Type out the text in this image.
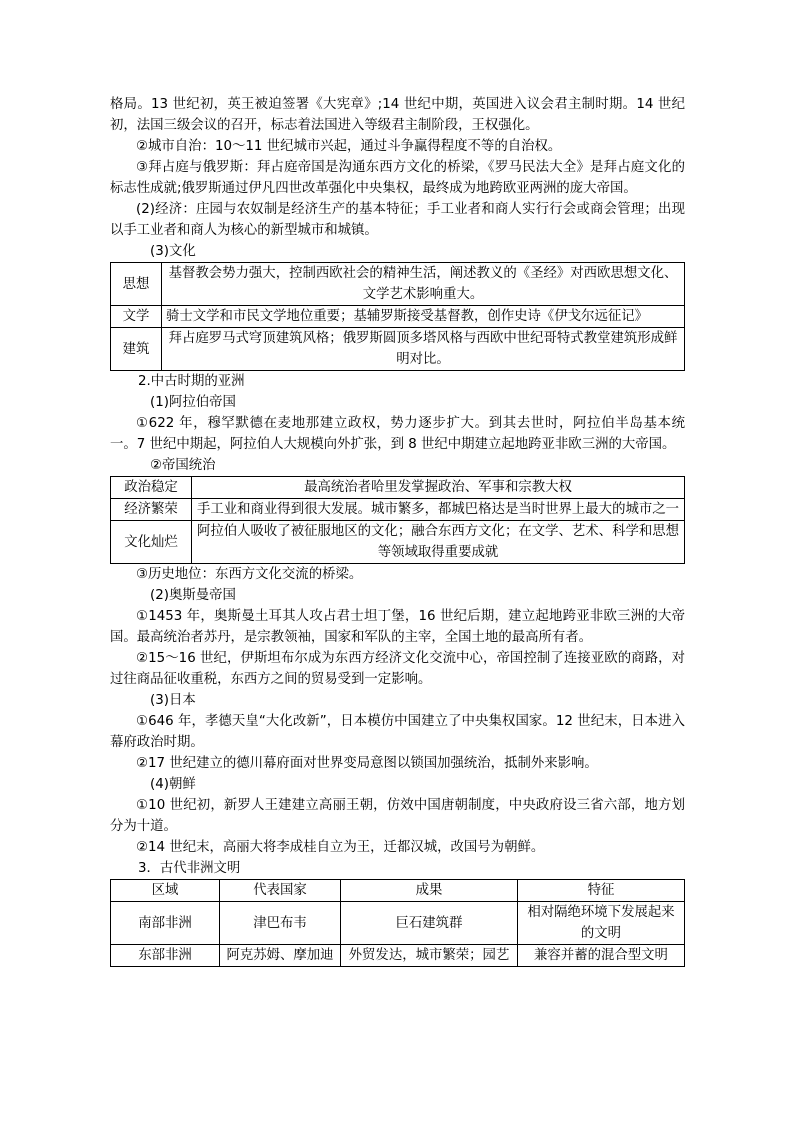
格局。13 世纪初，英王被迫签署《大宪章》;14 世纪中期，英国进入议会君主制时期。14 世纪初，法国三级会议的召开，标志着法国进入等级君主制阶段，王权强化。

②城市自治：10～11 世纪城市兴起，通过斗争赢得程度不等的自治权。

③拜占庭与俄罗斯：拜占庭帝国是沟通东西方文化的桥梁，《罗马民法大全》是拜占庭文化的标志性成就;俄罗斯通过伊凡四世改革强化中央集权，最终成为地跨欧亚两洲的庞大帝国。

(2)经济：庄园与农奴制是经济生产的基本特征；手工业者和商人实行行会或商会管理；出现以手工业者和商人为核心的新型城市和城镇。

(3)文化

思想	基督教会势力强大，控制西欧社会的精神生活，阐述教义的《圣经》对西欧思想文化、文学艺术影响重大。
文学	骑士文学和市民文学地位重要；基辅罗斯接受基督教，创作史诗《伊戈尔远征记》
建筑	拜占庭罗马式穹顶建筑风格；俄罗斯圆顶多塔风格与西欧中世纪哥特式教堂建筑形成鲜明对比。

2.中古时期的亚洲

(1)阿拉伯帝国

①622 年，穆罕默德在麦地那建立政权，势力逐步扩大。到其去世时，阿拉伯半岛基本统一。7 世纪中期起，阿拉伯人大规模向外扩张，到 8 世纪中期建立起地跨亚非欧三洲的大帝国。

②帝国统治

政治稳定	最高统治者哈里发掌握政治、军事和宗教大权
经济繁荣	手工业和商业得到很大发展。城市繁多，都城巴格达是当时世界上最大的城市之一
文化灿烂	阿拉伯人吸收了被征服地区的文化；融合东西方文化；在文学、艺术、科学和思想等领域取得重要成就

③历史地位：东西方文化交流的桥梁。

(2)奥斯曼帝国

①1453 年，奥斯曼土耳其人攻占君士坦丁堡，16 世纪后期，建立起地跨亚非欧三洲的大帝国。最高统治者苏丹，是宗教领袖，国家和军队的主宰，全国土地的最高所有者。

②15～16 世纪，伊斯坦布尔成为东西方经济文化交流中心，帝国控制了连接亚欧的商路，对过往商品征收重税，东西方之间的贸易受到一定影响。

(3)日本

①646 年，孝德天皇“大化改新”，日本模仿中国建立了中央集权国家。12 世纪末，日本进入幕府政治时期。

②17 世纪建立的德川幕府面对世界变局意图以锁国加强统治，抵制外来影响。

(4)朝鲜

①10 世纪初，新罗人王建建立高丽王朝，仿效中国唐朝制度，中央政府设三省六部，地方划分为十道。

②14 世纪末，高丽大将李成桂自立为王，迁都汉城，改国号为朝鲜。

3．古代非洲文明

区域	代表国家	成果	特征
南部非洲	津巴布韦	巨石建筑群	相对隔绝环境下发展起来的文明
东部非洲	阿克苏姆、摩加迪	外贸发达，城市繁荣；园艺	兼容并蓄的混合型文明
